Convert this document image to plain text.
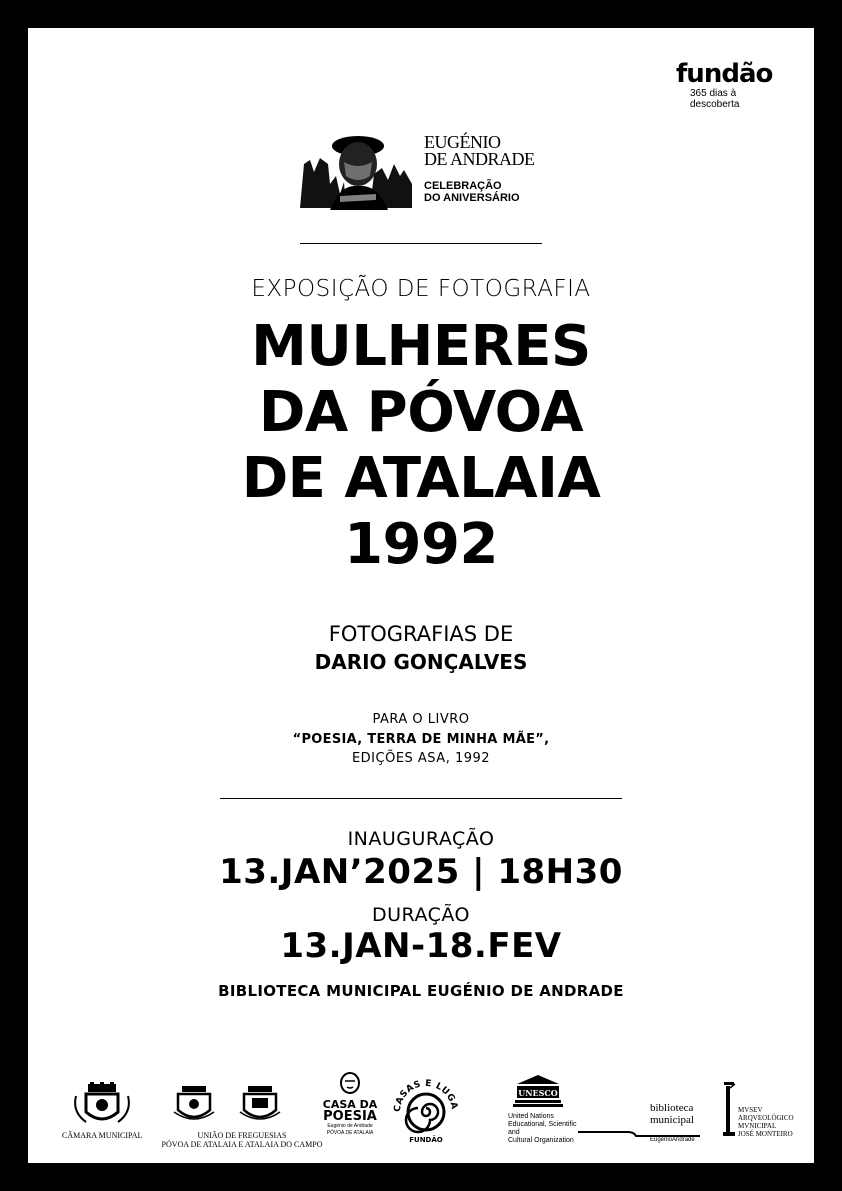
fundão
365 dias à descoberta
EUGÉNIO
DE ANDRADE
CELEBRAÇÃO
DO ANIVERSÁRIO
EXPOSIÇÃO DE FOTOGRAFIA
MULHERES
DA PÓVOA
DE ATALAIA
1992
FOTOGRAFIAS DE
DARIO GONÇALVES
PARA O LIVRO
“POESIA, TERRA DE MINHA MÃE”,
EDIÇÕES ASA, 1992
INAUGURAÇÃO
13.JAN’2025 | 18H30
DURAÇÃO
13.JAN-18.FEV
BIBLIOTECA MUNICIPAL EUGÉNIO DE ANDRADE
CÂMARA MUNICIPAL	UNIÃO DE FREGUESIAS
PÓVOA DE ATALAIA E ATALAIA DO CAMPO
CASA DA
POESIA
Eugénio de Andrade
PÓVOA DE ATALAIA
CASAS E LUGA
FUNDÃO
UNESCO
United Nations
Educational, Scientific and
Cultural Organization
biblioteca
municipal
EugénioAndrade
MVSEV
ARQVEOLÓGICO
MVNICIPAL
JOSÉ MONTEIRO
